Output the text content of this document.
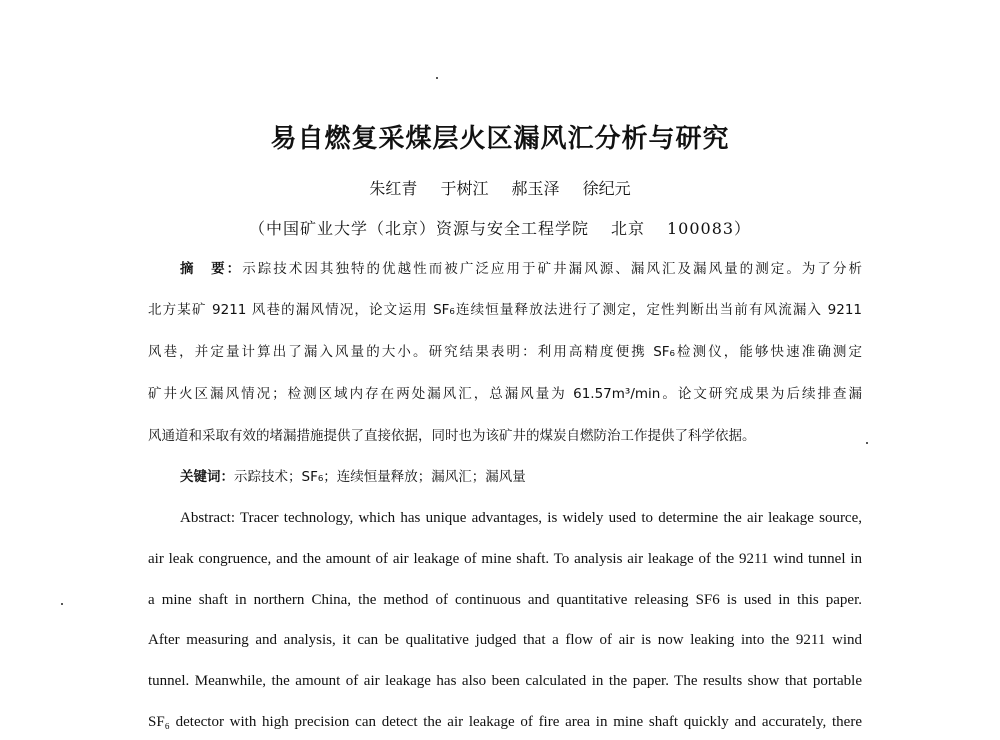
易自燃复采煤层火区漏风汇分析与研究
朱红青 于树江 郝玉泽 徐纪元
（中国矿业大学（北京）资源与安全工程学院 北京 100083）
摘　要：示踪技术因其独特的优越性而被广泛应用于矿井漏风源、漏风汇及漏风量的测定。为了分析
北方某矿 9211 风巷的漏风情况，论文运用 SF₆连续恒量释放法进行了测定，定性判断出当前有风流漏入 9211
风巷，并定量计算出了漏入风量的大小。研究结果表明：利用高精度便携 SF₆检测仪，能够快速准确测定
矿井火区漏风情况；检测区域内存在两处漏风汇，总漏风量为 61.57m³/min。论文研究成果为后续排查漏
风通道和采取有效的堵漏措施提供了直接依据，同时也为该矿井的煤炭自燃防治工作提供了科学依据。
关键词：示踪技术；SF₆；连续恒量释放；漏风汇；漏风量
Abstract: Tracer technology, which has unique advantages, is widely used to determine the air leakage source,
air leak congruence, and the amount of air leakage of mine shaft. To analysis air leakage of the 9211 wind tunnel in
a mine shaft in northern China, the method of continuous and quantitative releasing SF6 is used in this paper.
After measuring and analysis, it can be qualitative judged that a flow of air is now leaking into the 9211 wind
tunnel. Meanwhile, the amount of air leakage has also been calculated in the paper. The results show that portable
SF₆ detector with high precision can detect the air leakage of fire area in mine shaft quickly and accurately, there
